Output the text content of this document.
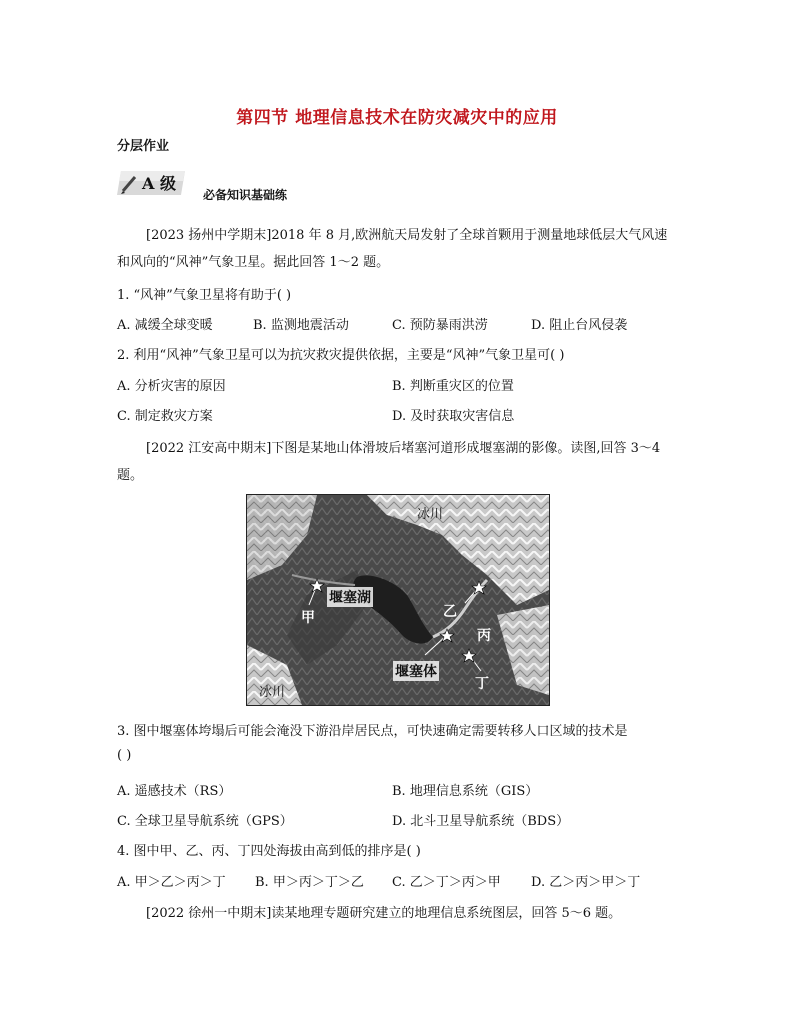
第四节 地理信息技术在防灾减灾中的应用
分层作业
A 级
必备知识基础练
[2023 扬州中学期末]2018 年 8 月,欧洲航天局发射了全球首颗用于测量地球低层大气风速
和风向的“风神”气象卫星。据此回答 1～2 题。
1. “风神”气象卫星将有助于( )
A. 减缓全球变暖	B. 监测地震活动	C. 预防暴雨洪涝	D. 阻止台风侵袭
2. 利用“风神”气象卫星可以为抗灾救灾提供依据，主要是“风神”气象卫星可( )
A. 分析灾害的原因	B. 判断重灾区的位置
C. 制定救灾方案	D. 及时获取灾害信息
[2022 江安高中期末]下图是某地山体滑坡后堵塞河道形成堰塞湖的影像。读图,回答 3～4
题。
冰川
冰川
堰塞湖
堰塞体
甲	乙
丙
丁
3. 图中堰塞体垮塌后可能会淹没下游沿岸居民点，可快速确定需要转移人口区域的技术是
( )
A. 遥感技术（RS）	B. 地理信息系统（GIS）
C. 全球卫星导航系统（GPS）	D. 北斗卫星导航系统（BDS）
4. 图中甲、乙、丙、丁四处海拔由高到低的排序是( )
A. 甲＞乙＞丙＞丁 B. 甲＞丙＞丁＞乙 C. 乙＞丁＞丙＞甲 D. 乙＞丙＞甲＞丁
[2022 徐州一中期末]读某地理专题研究建立的地理信息系统图层，回答 5～6 题。
